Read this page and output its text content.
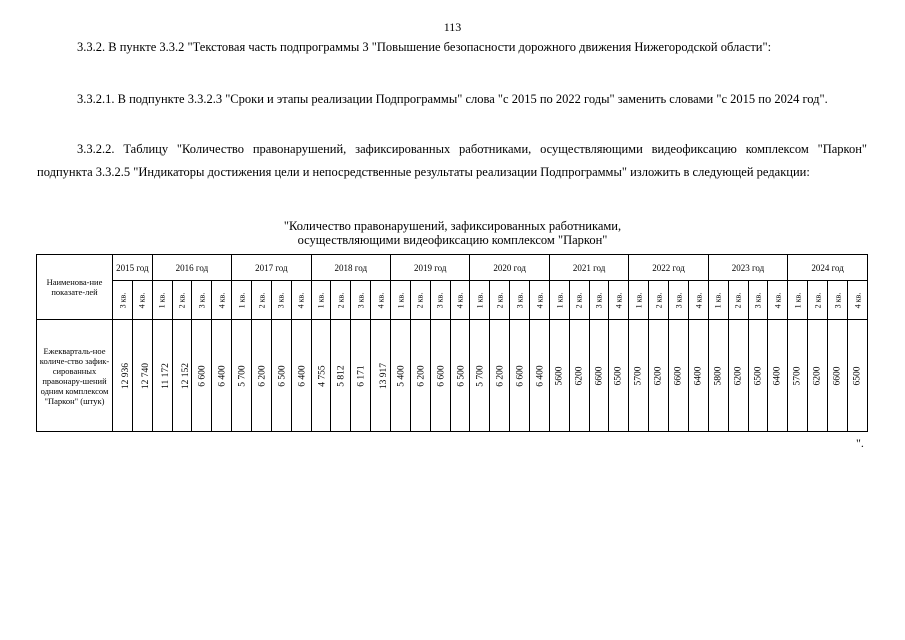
113

3.3.2. В пункте 3.3.2 "Текстовая часть подпрограммы 3 "Повышение безопасности дорожного движения Нижегородской области":

3.3.2.1. В подпункте 3.3.2.3 "Сроки и этапы реализации Подпрограммы" слова "с 2015 по 2022 годы" заменить словами "с 2015 по 2024 год".

3.3.2.2. Таблицу "Количество правонарушений, зафиксированных работниками, осуществляющими видеофиксацию комплексом "Паркон" подпункта 3.3.2.5 "Индикаторы достижения цели и непосредственные результаты реализации Подпрограммы" изложить в следующей редакции:

"Количество правонарушений, зафиксированных работниками,
осуществляющими видеофиксацию комплексом "Паркон"
Наименова-ние показате-лей	2015 год		2016 год				2017 год				2018 год				2019 год				2020 год				2021 год				2022 год				2023 год				2024 год			
	3 кв.	4 кв.	1 кв.	2 кв.	3 кв.	4 кв.	1 кв.	2 кв.	3 кв.	4 кв.	1 кв.	2 кв.	3 кв.	4 кв.	1 кв.	2 кв.	3 кв.	4 кв.	1 кв.	2 кв.	3 кв.	4 кв.	1 кв.	2 кв.	3 кв.	4 кв.	1 кв.	2 кв.	3 кв.	4 кв.	1 кв.	2 кв.	3 кв.	4 кв.	1 кв.	2 кв.	3 кв.	4 кв.
Ежекварталь-ное количе-ство зафик-сированных правонару-шений одним комплексом "Паркон" (штук)	12 936	12 740	11 172	12 152	6 600	6 400	5 700	6 200	6 500	6 400	4 755	5 812	6 171	13 917	5 400	6 200	6 600	6 500	5 700	6 200	6 600	6 400	5600	6200	6600	6500	5700	6200	6600	6400	5800	6200	6500	6400	5700	6200	6600	6500
".
